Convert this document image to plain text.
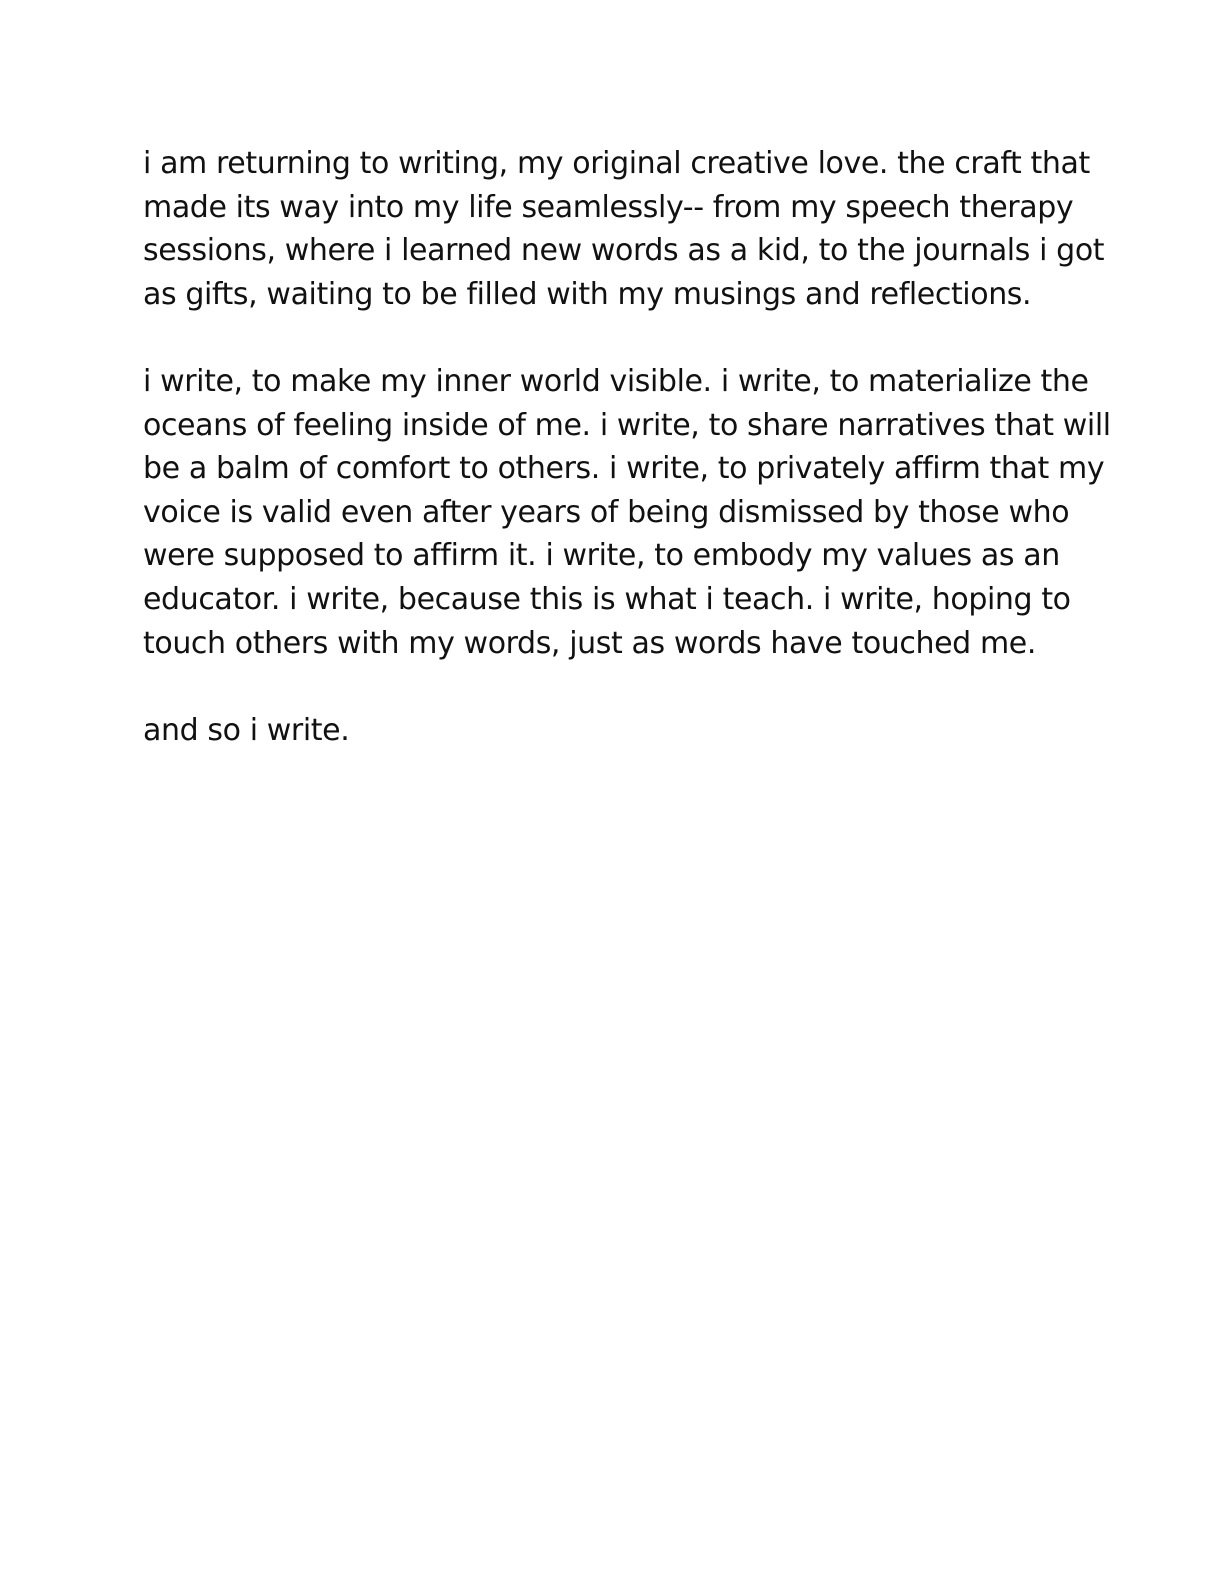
i am returning to writing, my original creative love. the craft that
made its way into my life seamlessly-- from my speech therapy
sessions, where i learned new words as a kid, to the journals i got
as gifts, waiting to be filled with my musings and reflections.

i write, to make my inner world visible. i write, to materialize the
oceans of feeling inside of me. i write, to share narratives that will
be a balm of comfort to others. i write, to privately affirm that my
voice is valid even after years of being dismissed by those who
were supposed to affirm it. i write, to embody my values as an
educator. i write, because this is what i teach. i write, hoping to
touch others with my words, just as words have touched me.

and so i write.
